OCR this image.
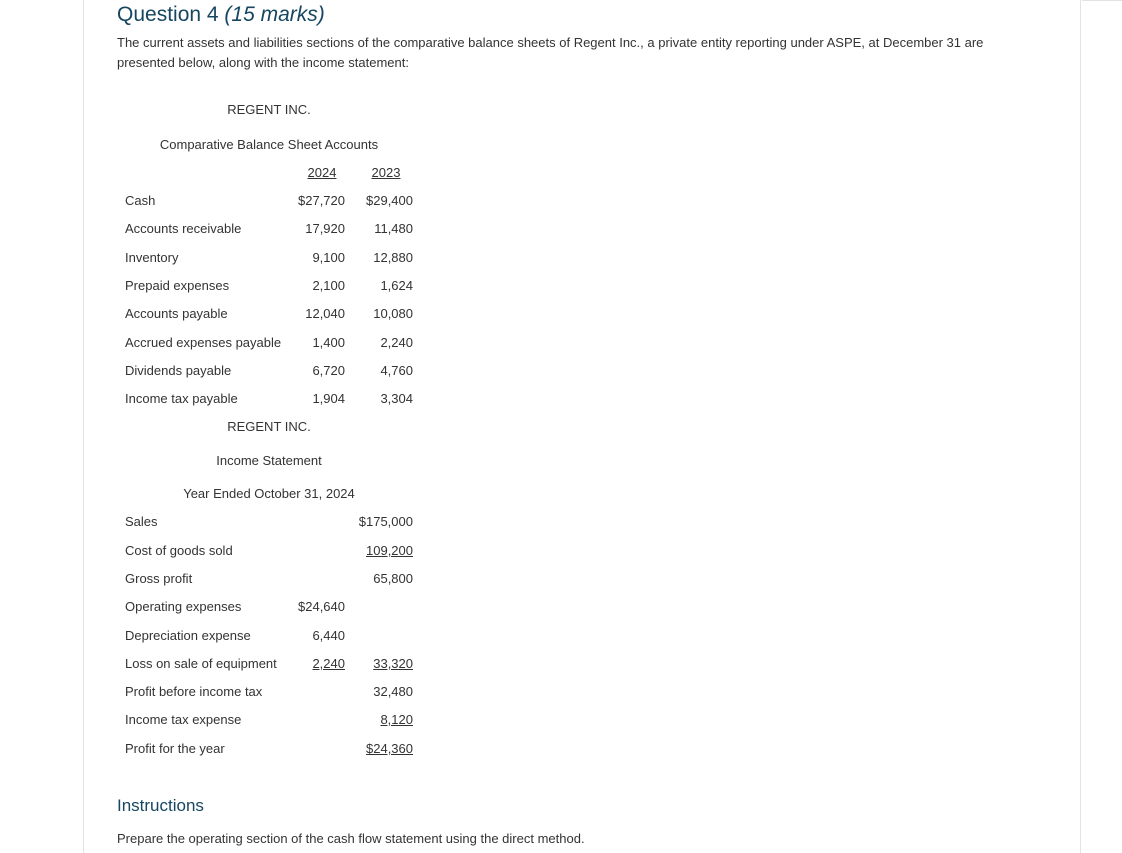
Question 4 (15 marks)
The current assets and liabilities sections of the comparative balance sheets of Regent Inc., a private entity reporting under ASPE, at December 31 are presented below, along with the income statement:
REGENT INC.
Comparative Balance Sheet Accounts
2024	2023
Cash	$27,720 $29,400
Accounts receivable	17,920 11,480
Inventory	9,100 12,880
Prepaid expenses	2,100	1,624
Accounts payable	12,040 10,080
Accrued expenses payable 1,400	2,240
Dividends payable	6,720	4,760
Income tax payable	1,904	3,304
REGENT INC.
Income Statement
Year Ended October 31, 2024
Sales	$175,000
Cost of goods sold	109,200
Gross profit	65,800
Operating expenses	$24,640
Depreciation expense	6,440
Loss on sale of equipment	2,240 33,320
Profit before income tax	32,480
Income tax expense	8,120
Profit for the year	$24,360
Instructions
Prepare the operating section of the cash flow statement using the direct method.
